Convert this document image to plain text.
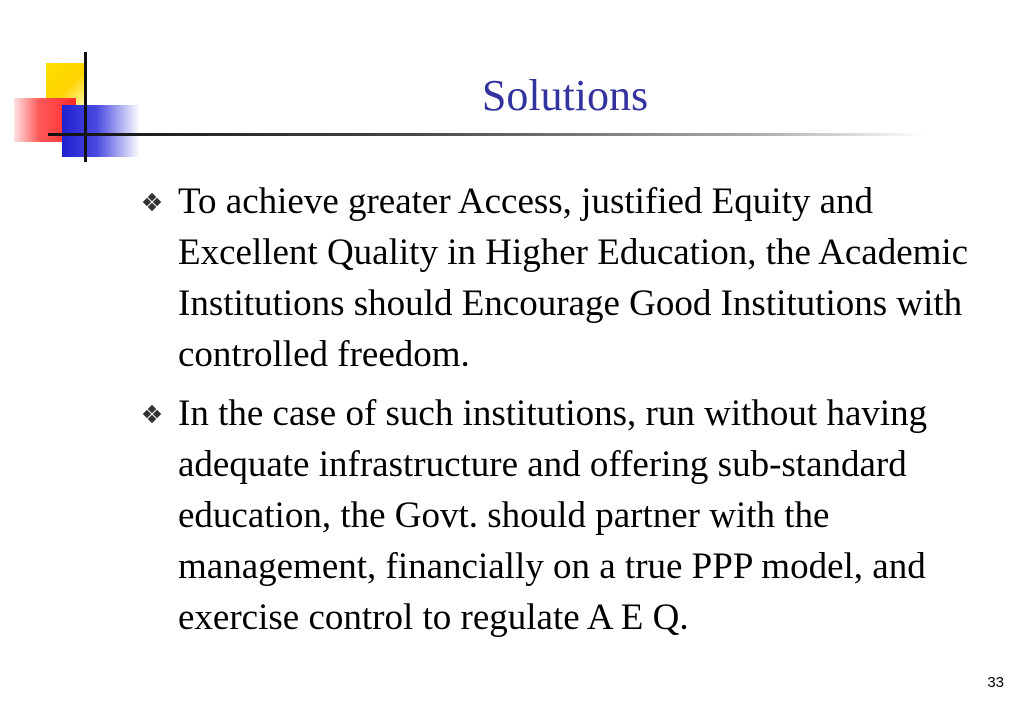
Solutions
To achieve greater Access, justified Equity and Excellent Quality in Higher Education, the Academic Institutions should Encourage Good Institutions with controlled freedom.
In the case of such institutions, run without having adequate infrastructure and offering sub-standard education, the Govt. should partner with the management, financially on a true PPP model, and exercise control to regulate A E Q.
33
